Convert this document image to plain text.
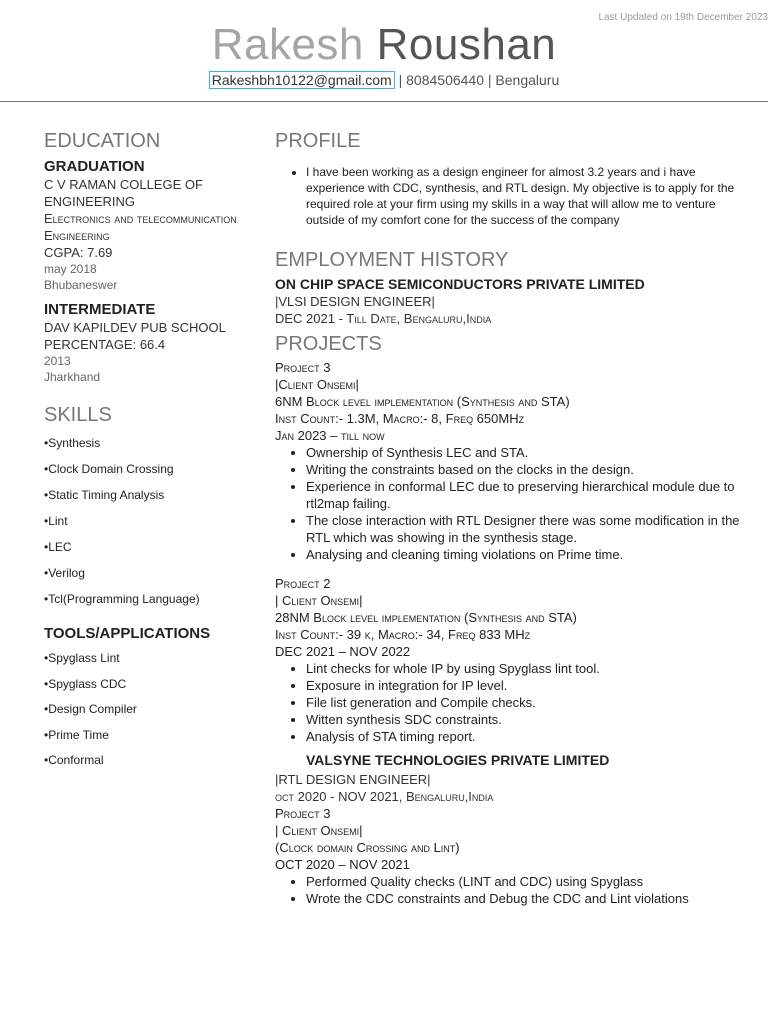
Last Updated on 19th December 2023
Rakesh Roushan
Rakeshbh10122@gmail.com | 8084506440 | Bengaluru
EDUCATION

GRADUATION

C V RAMAN COLLEGE OF ENGINEERING

Electronics and telecommunication Engineering

CGPA: 7.69

may 2018

Bhubaneswer

INTERMEDIATE

DAV KAPILDEV PUB SCHOOL

PERCENTAGE: 66.4

2013

Jharkhand

SKILLS

•Synthesis

•Clock Domain Crossing

•Static Timing Analysis

•Lint

•LEC

•Verilog

•Tcl(Programming Language)

TOOLS/APPLICATIONS

•Spyglass Lint

•Spyglass CDC

•Design Compiler

•Prime Time

•Conformal

PROFILE
• I have been working as a design engineer for almost 3.2 years and i have experience with CDC, synthesis, and RTL design. My objective is to apply for the required role at your firm using my skills in a way that will allow me to venture outside of my comfort cone for the success of the company
EMPLOYMENT HISTORY

ON CHIP SPACE SEMICONDUCTORS PRIVATE LIMITED

|VLSI DESIGN ENGINEER|

DEC 2021 - Till Date, Bengaluru,India

PROJECTS

Project 3

|Client Onsemi|

6NM Block level implementation (Synthesis and STA)

Inst Count:- 1.3M, Macro:- 8, Freq 650MHz

Jan 2023 – till now

• Ownership of Synthesis LEC and STA.
• Writing the constraints based on the clocks in the design.
• Experience in conformal LEC due to preserving hierarchical module due to rtl2map failing.
• The close interaction with RTL Designer there was some modification in the RTL which was showing in the synthesis stage.
• Analysing and cleaning timing violations on Prime time.

Project 2

| Client Onsemi|

28NM Block level implementation (Synthesis and STA)

Inst Count:- 39 k, Macro:- 34, Freq 833 MHz

DEC 2021 – NOV 2022

• Lint checks for whole IP by using Spyglass lint tool.
• Exposure in integration for IP level.
• File list generation and Compile checks.
• Witten synthesis SDC constraints.
• Analysis of STA timing report.

VALSYNE TECHNOLOGIES PRIVATE LIMITED

|RTL DESIGN ENGINEER|

oct 2020 - NOV 2021, Bengaluru,India

Project 3

| Client Onsemi|

(Clock domain Crossing and Lint)

OCT 2020 – NOV 2021

• Performed Quality checks (LINT and CDC) using Spyglass
• Wrote the CDC constraints and Debug the CDC and Lint violations
